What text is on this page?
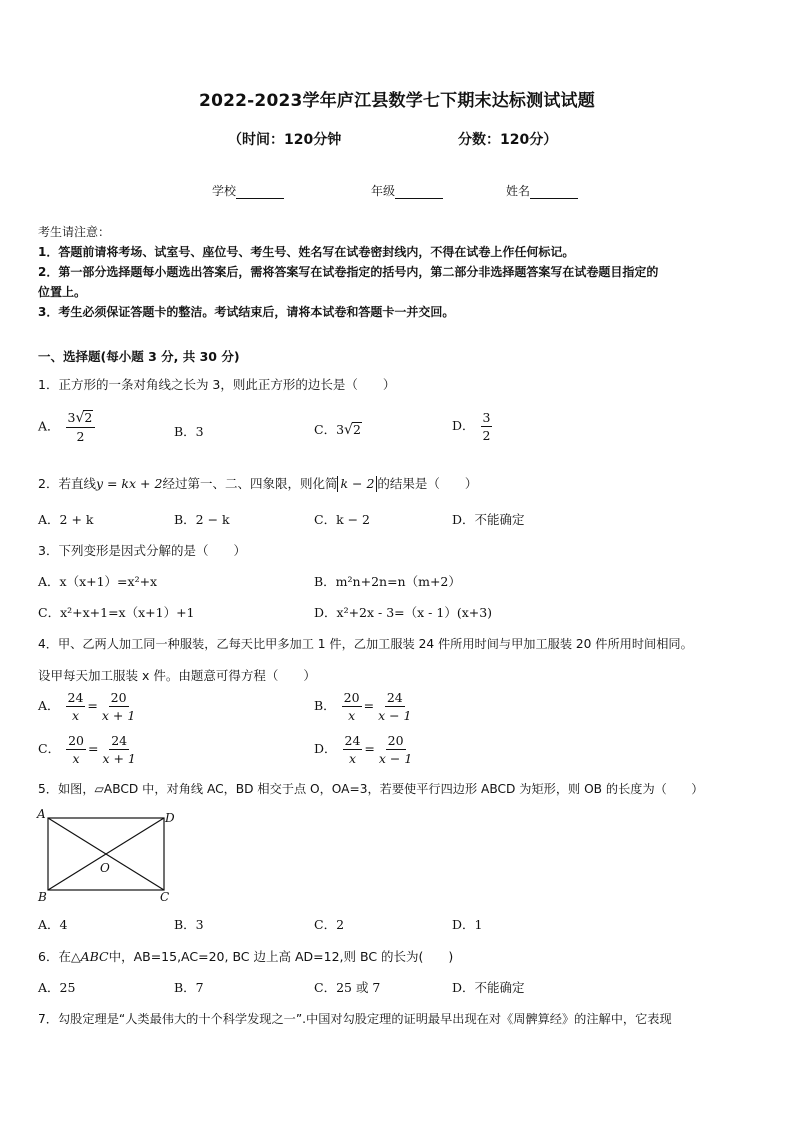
2022-2023学年庐江县数学七下期末达标测试试题
（时间：120分钟	分数：120分）
学校	年级	姓名
考生请注意：
1．答题前请将考场、试室号、座位号、考生号、姓名写在试卷密封线内，不得在试卷上作任何标记。
2．第一部分选择题每小题选出答案后，需将答案写在试卷指定的括号内，第二部分非选择题答案写在试卷题目指定的
位置上。
3．考生必须保证答题卡的整洁。考试结束后，请将本试卷和答题卡一并交回。
一、选择题(每小题 3 分, 共 30 分)
1．正方形的一条对角线之长为 3，则此正方形的边长是（　　）
A． $\frac{3√2}{2}$	B．3	C．3√2	D． $\frac{3}{2}$
2．若直线y = kx + 2经过第一、二、四象限，则化简 k − 2 的结果是（　　）
A．2 + k	B．2 − k	C．k − 2	D．不能确定
3．下列变形是因式分解的是（　　）
A．x（x+1）=x²+x	B．m²n+2n=n（m+2）
C．x²+x+1=x（x+1）+1	D．x²+2x - 3=（x - 1）(x+3)
4．甲、乙两人加工同一种服装，乙每天比甲多加工 1 件，乙加工服装 24 件所用时间与甲加工服装 20 件所用时间相同。
设甲每天加工服装 x 件。由题意可得方程（　　）
A． $\frac{24}{x} = \frac{20}{x + 1}$	B． $\frac{20}{x} = \frac{24}{x - 1}$
C． $\frac{20}{x} = \frac{24}{x + 1}$	D． $\frac{24}{x} = \frac{20}{x - 1}$
5．如图，▱ABCD 中，对角线 AC，BD 相交于点 O，OA=3，若要使平行四边形 ABCD 为矩形，则 OB 的长度为（　　）
A	D
B	C
O
A．4	B．3	C．2	D．1
6．在△ABC中，AB=15,AC=20, BC 边上高 AD=12,则 BC 的长为(　　)
A．25	B．7	C．25 或 7	D．不能确定
7．勾股定理是“人类最伟大的十个科学发现之一”.中国对勾股定理的证明最早出现在对《周髀算经》的注解中，它表现
